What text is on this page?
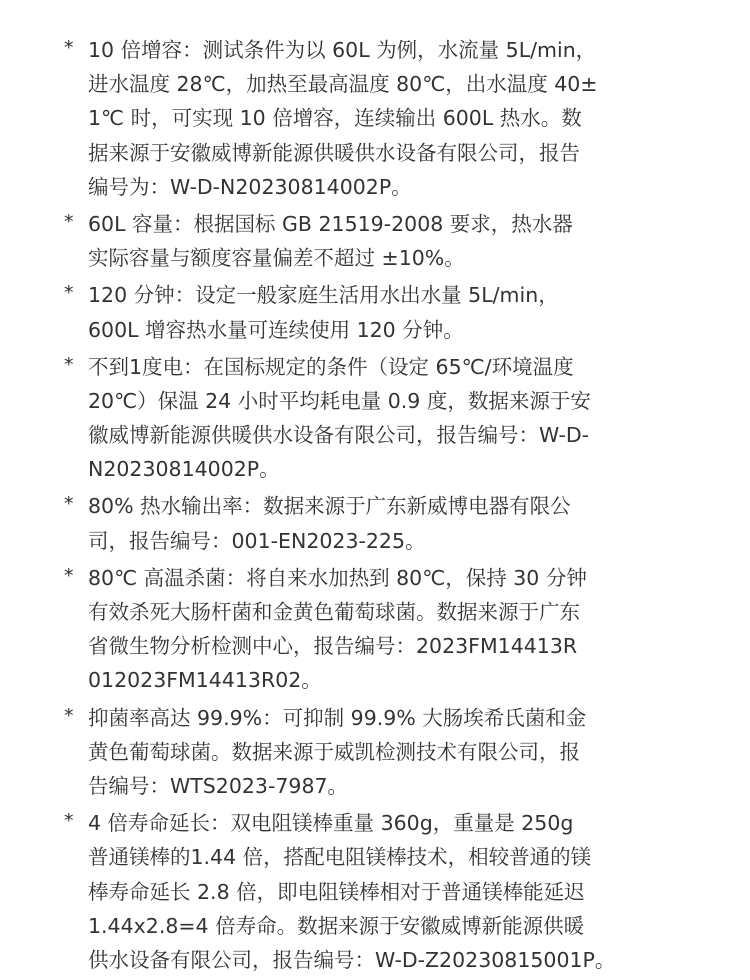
* 10 倍增容：测试条件为以 60L 为例，水流量 5L/min，
进水温度 28℃，加热至最高温度 80℃，出水温度 40±
1℃ 时，可实现 10 倍增容，连续输出 600L 热水。数
据来源于安徽威博新能源供暖供水设备有限公司，报告
编号为：W-D-N20230814002P。
* 60L 容量：根据国标 GB 21519-2008 要求，热水器
实际容量与额度容量偏差不超过 ±10%。
* 120 分钟：设定一般家庭生活用水出水量 5L/min，
600L 增容热水量可连续使用 120 分钟。
* 不到1度电：在国标规定的条件（设定 65℃/环境温度
20℃）保温 24 小时平均耗电量 0.9 度，数据来源于安
徽威博新能源供暖供水设备有限公司，报告编号：W-D-
N20230814002P。
* 80% 热水输出率：数据来源于广东新威博电器有限公
司，报告编号：001-EN2023-225。
* 80℃ 高温杀菌：将自来水加热到 80℃，保持 30 分钟
有效杀死大肠杆菌和金黄色葡萄球菌。数据来源于广东
省微生物分析检测中心，报告编号：2023FM14413R
012023FM14413R02。
* 抑菌率高达 99.9%：可抑制 99.9% 大肠埃希氏菌和金
黄色葡萄球菌。数据来源于威凯检测技术有限公司，报
告编号：WTS2023-7987。
* 4 倍寿命延长：双电阻镁棒重量 360g，重量是 250g
普通镁棒的1.44 倍，搭配电阻镁棒技术，相较普通的镁
棒寿命延长 2.8 倍，即电阻镁棒相对于普通镁棒能延迟
1.44x2.8=4 倍寿命。数据来源于安徽威博新能源供暖
供水设备有限公司，报告编号：W-D-Z20230815001P。
